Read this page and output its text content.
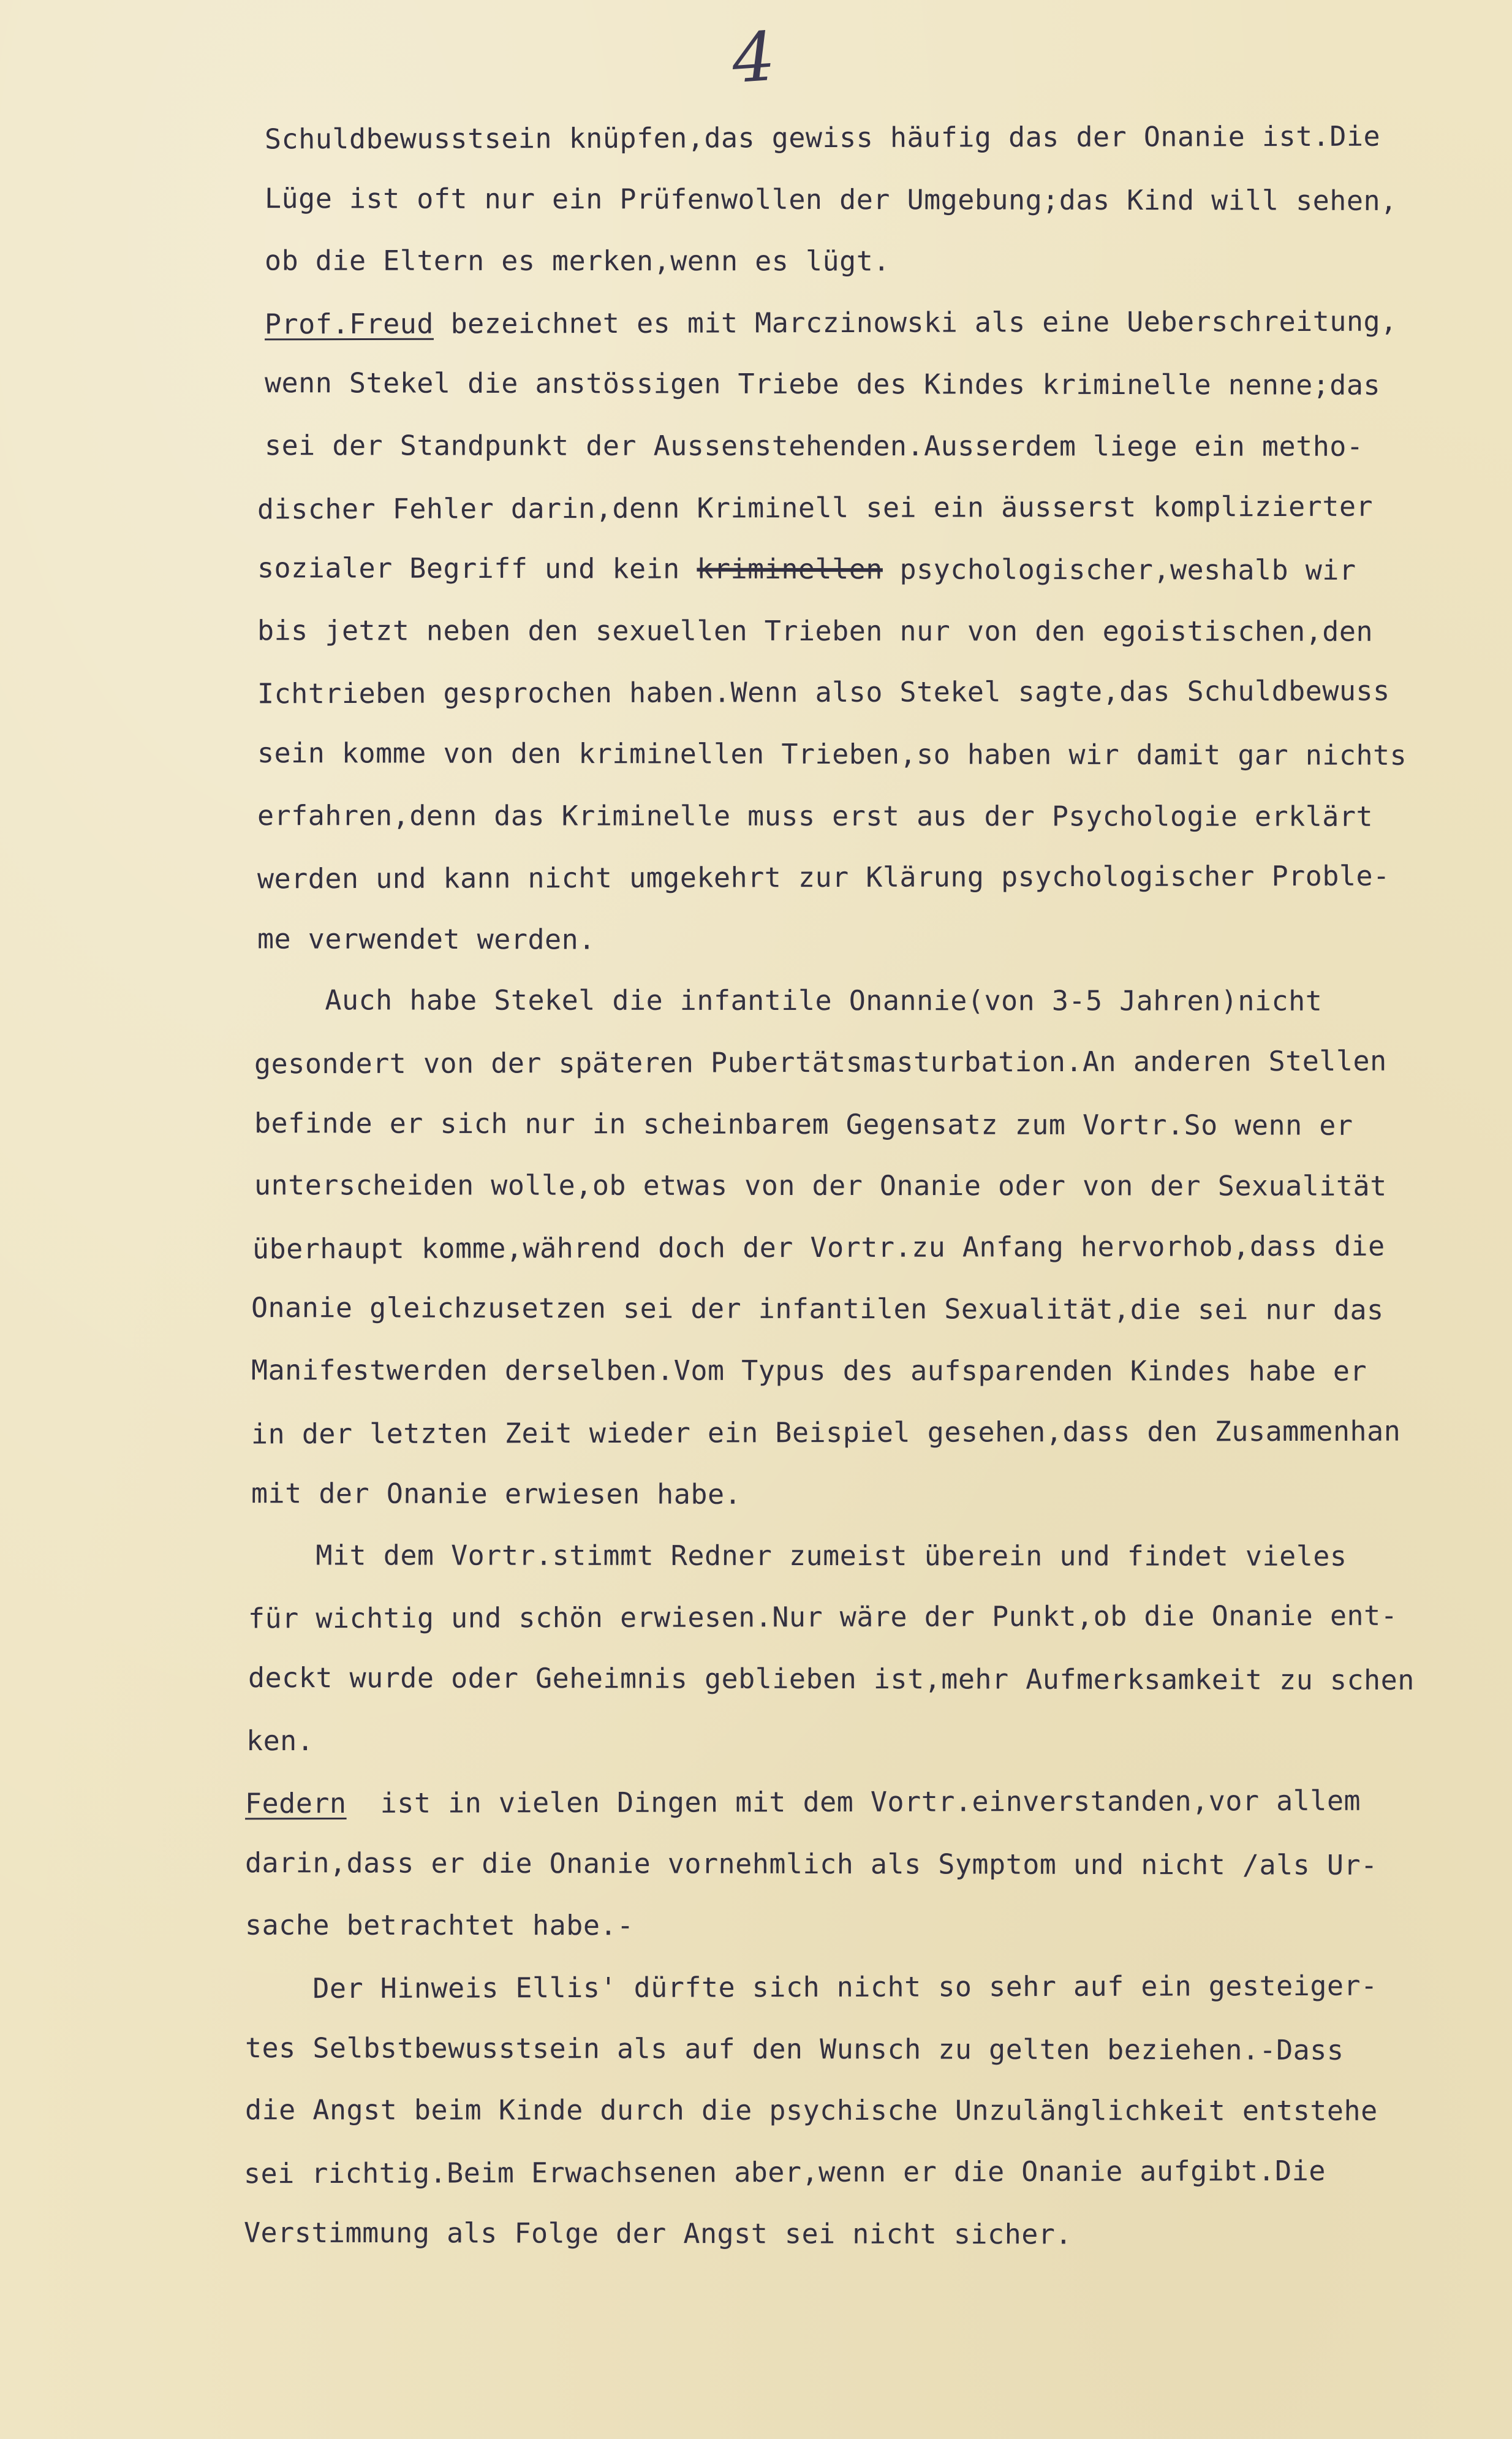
4
Schuldbewusstsein knüpfen,das gewiss häufig das der Onanie ist.Die
Lüge ist oft nur ein Prüfenwollen der Umgebung;das Kind will sehen,
ob die Eltern es merken,wenn es lügt.
Prof.Freud bezeichnet es mit Marczinowski als eine Ueberschreitung,
wenn Stekel die anstössigen Triebe des Kindes kriminelle nenne;das
sei der Standpunkt der Aussenstehenden.Ausserdem liege ein metho-
discher Fehler darin,denn Kriminell sei ein äusserst komplizierter
sozialer Begriff und kein kriminellen psychologischer,weshalb wir
bis jetzt neben den sexuellen Trieben nur von den egoistischen,den
Ichtrieben gesprochen haben.Wenn also Stekel sagte,das Schuldbewuss
sein komme von den kriminellen Trieben,so haben wir damit gar nichts
erfahren,denn das Kriminelle muss erst aus der Psychologie erklärt
werden und kann nicht umgekehrt zur Klärung psychologischer Proble-
me verwendet werden.
Auch habe Stekel die infantile Onannie(von 3-5 Jahren)nicht
gesondert von der späteren Pubertätsmasturbation.An anderen Stellen
befinde er sich nur in scheinbarem Gegensatz zum Vortr.So wenn er
unterscheiden wolle,ob etwas von der Onanie oder von der Sexualität
überhaupt komme,während doch der Vortr.zu Anfang hervorhob,dass die
Onanie gleichzusetzen sei der infantilen Sexualität,die sei nur das
Manifestwerden derselben.Vom Typus des aufsparenden Kindes habe er
in der letzten Zeit wieder ein Beispiel gesehen,dass den Zusammenhan
mit der Onanie erwiesen habe.
Mit dem Vortr.stimmt Redner zumeist überein und findet vieles
für wichtig und schön erwiesen.Nur wäre der Punkt,ob die Onanie ent-
deckt wurde oder Geheimnis geblieben ist,mehr Aufmerksamkeit zu schen
ken.
Federn  ist in vielen Dingen mit dem Vortr.einverstanden,vor allem
darin,dass er die Onanie vornehmlich als Symptom und nicht /als Ur-
sache betrachtet habe.-
Der Hinweis Ellis' dürfte sich nicht so sehr auf ein gesteiger-
tes Selbstbewusstsein als auf den Wunsch zu gelten beziehen.-Dass
die Angst beim Kinde durch die psychische Unzulänglichkeit entstehe
sei richtig.Beim Erwachsenen aber,wenn er die Onanie aufgibt.Die
Verstimmung als Folge der Angst sei nicht sicher.
